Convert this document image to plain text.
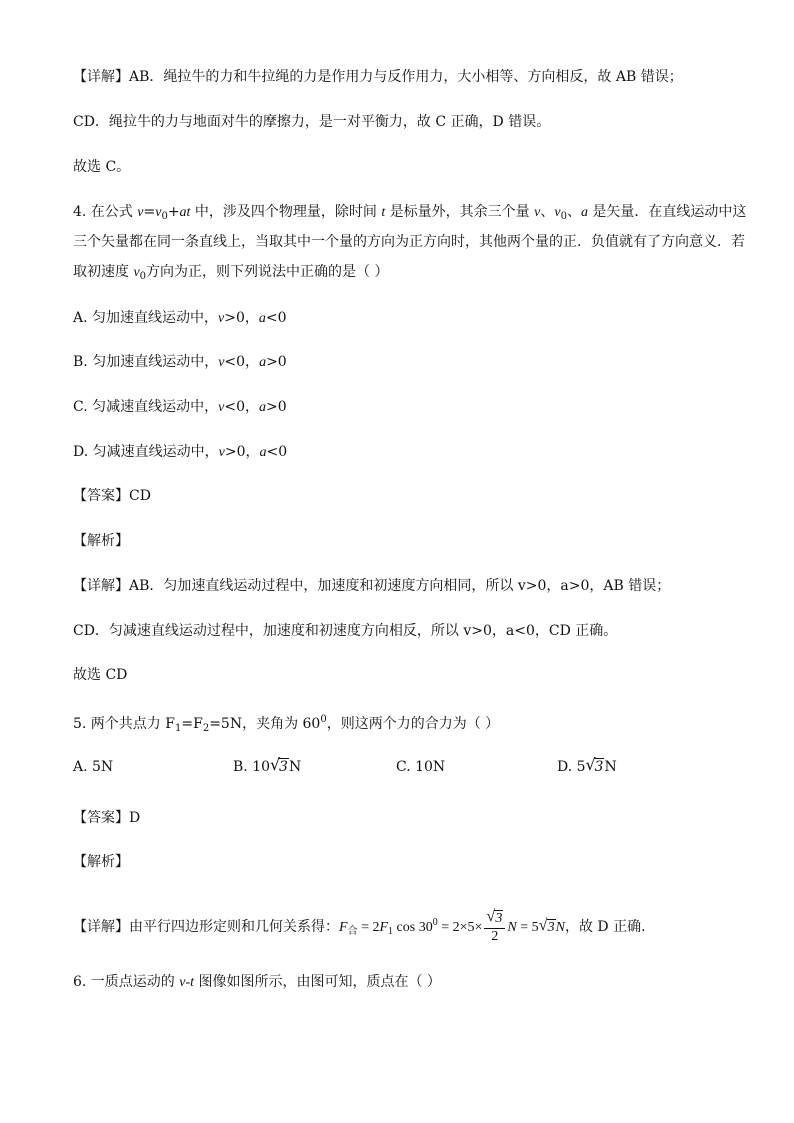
【详解】AB．绳拉牛的力和牛拉绳的力是作用力与反作用力，大小相等、方向相反，故 AB 错误；
CD．绳拉牛的力与地面对牛的摩擦力，是一对平衡力，故 C 正确，D 错误。
故选 C。
4. 在公式 $v=v_0+at$ 中，涉及四个物理量，除时间 t 是标量外，其余三个量 v、$v_0$、a 是矢量．在直线运动中这
三个矢量都在同一条直线上，当取其中一个量的方向为正方向时，其他两个量的正．负值就有了方向意义．若
取初速度 $v_0$方向为正，则下列说法中正确的是（ ）
A. 匀加速直线运动中，v>0，a<0
B. 匀加速直线运动中，v<0，a>0
C. 匀减速直线运动中，v<0，a>0
D. 匀减速直线运动中，v>0，a<0
【答案】CD
【解析】
【详解】AB．匀加速直线运动过程中，加速度和初速度方向相同，所以 v>0，a>0，AB 错误；
CD．匀减速直线运动过程中，加速度和初速度方向相反，所以 v>0，a<0，CD 正确。
故选 CD
5. 两个共点力 $F_1=F_2=5N$，夹角为 $60^0$，则这两个力的合力为（ ）
A. 5N	B. 10 √
3N	C. 10N	D. 5 √
3N
【答案】D
【解析】
【详解】由平行四边形定则和几何关系得：$F_合 = 2F_1$ $\cos 30^0 = 2\times 5\times \frac{√ 3}{2}$ N = 5 √ 3N，故 D 正确．
6. 一质点运动的 v-t 图像如图所示，由图可知，质点在（ ）
